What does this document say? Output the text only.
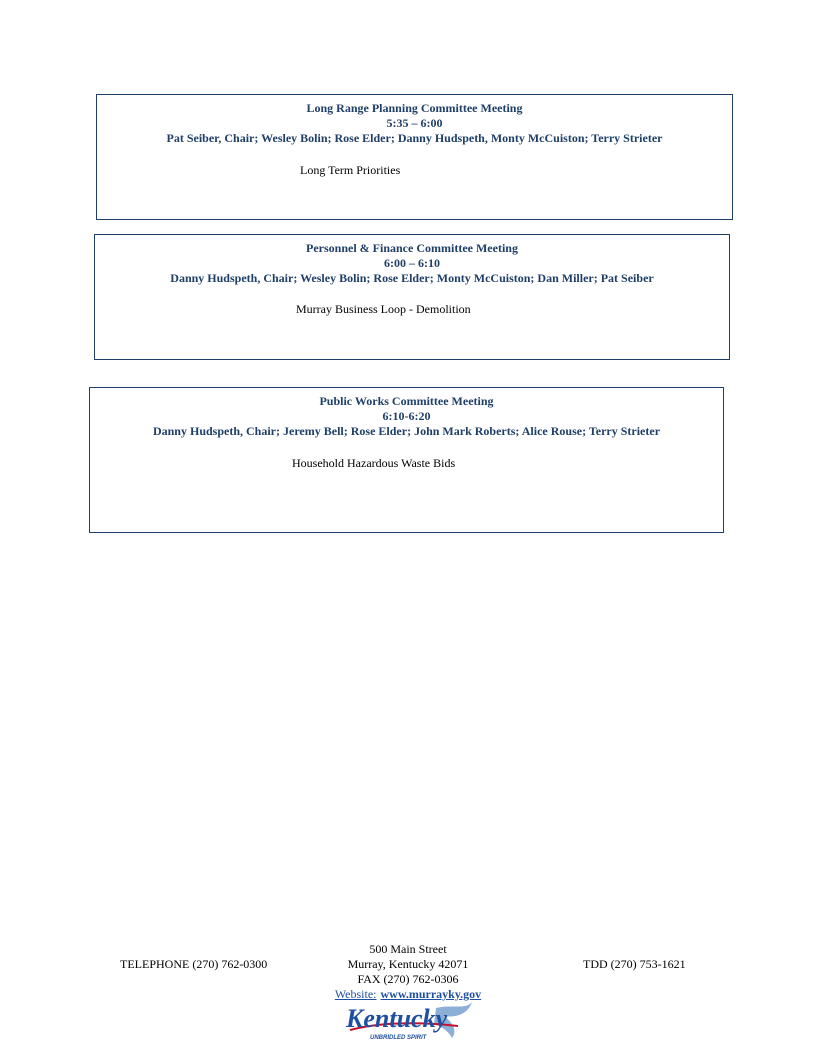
Long Range Planning Committee Meeting
5:35 – 6:00
Pat Seiber, Chair; Wesley Bolin; Rose Elder; Danny Hudspeth, Monty McCuiston; Terry Strieter
Long Term Priorities
Personnel & Finance Committee Meeting
6:00 – 6:10
Danny Hudspeth, Chair; Wesley Bolin; Rose Elder; Monty McCuiston; Dan Miller; Pat Seiber
Murray Business Loop - Demolition
Public Works Committee Meeting
6:10-6:20
Danny Hudspeth, Chair; Jeremy Bell; Rose Elder; John Mark Roberts; Alice Rouse; Terry Strieter
Household Hazardous Waste Bids
TELEPHONE (270) 762-0300
500 Main Street
Murray, Kentucky 42071
FAX (270) 762-0306
Website: www.murrayky.gov
TDD (270) 753-1621
Kentucky
UNBRIDLED SPIRIT
